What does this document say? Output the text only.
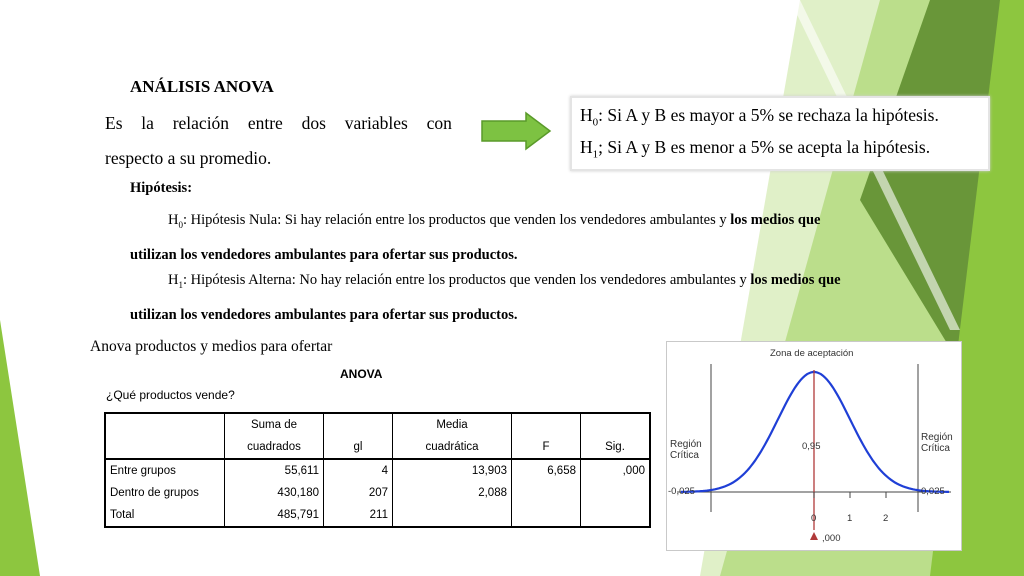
ANÁLISIS ANOVA
Es la relación entre dos variables con
respecto a su promedio.
$H_0$: Si A y B es mayor a 5% se rechaza la hipótesis.
$H_1$; Si A y B es menor a 5% se acepta la hipótesis.
Hipótesis:
$H_0$: Hipótesis Nula: Si hay relación entre los productos que venden los vendedores ambulantes y los medios que utilizan los vendedores ambulantes para ofertar sus productos.
$H_1$: Hipótesis Alterna: No hay relación entre los productos que venden los vendedores ambulantes y los medios que utilizan los vendedores ambulantes para ofertar sus productos.
Anova productos y medios para ofertar
ANOVA
¿Qué productos vende?
	Suma de		Media		
	cuadrados	gl	cuadrática	F	Sig.
Entre grupos	55,611	4	13,903	6,658	,000
Dentro de grupos	430,180	207	2,088		
Total	485,791	211			
Zona de aceptación
Región
Crítica
Región
Crítica
0,95
-0,025	0,025
0	1	2
,000
